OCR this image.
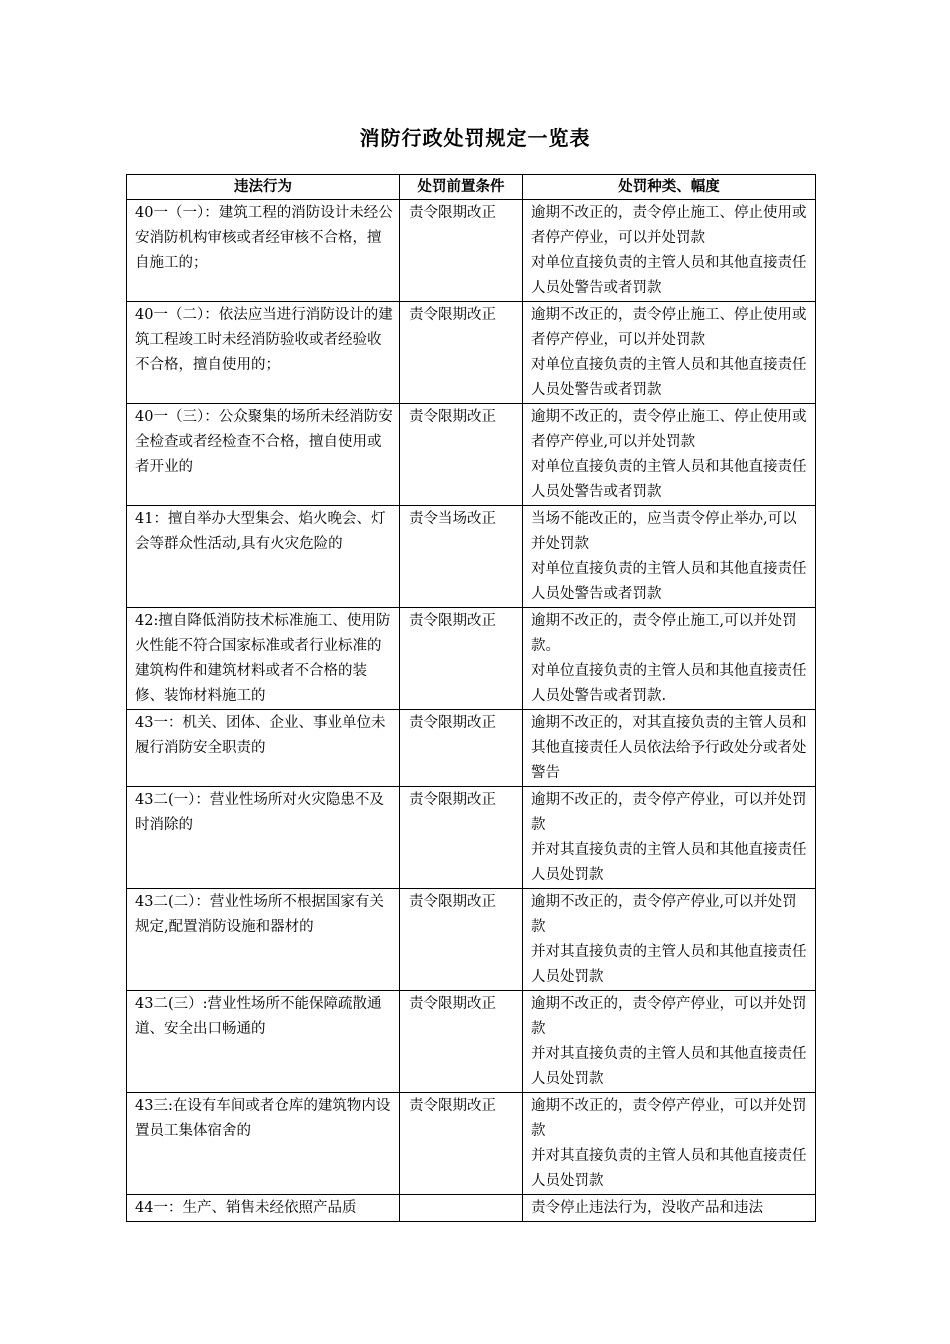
消防行政处罚规定一览表
违法行为	处罚前置条件	处罚种类、幅度
40一（一）：建筑工程的消防设计未经公安消防机构审核或者经审核不合格，擅自施工的；	责令限期改正	逾期不改正的，责令停止施工、停止使用或者停产停业，可以并处罚款
对单位直接负责的主管人员和其他直接责任人员处警告或者罚款

40一（二）：依法应当进行消防设计的建筑工程竣工时未经消防验收或者经验收不合格，擅自使用的；	责令限期改正	逾期不改正的，责令停止施工、停止使用或者停产停业，可以并处罚款
对单位直接负责的主管人员和其他直接责任人员处警告或者罚款

40一（三）：公众聚集的场所未经消防安全检查或者经检查不合格，擅自使用或者开业的	责令限期改正	逾期不改正的，责令停止施工、停止使用或者停产停业,可以并处罚款
对单位直接负责的主管人员和其他直接责任人员处警告或者罚款

41：擅自举办大型集会、焰火晚会、灯会等群众性活动,具有火灾危险的	责令当场改正	当场不能改正的，应当责令停止举办,可以并处罚款
对单位直接负责的主管人员和其他直接责任人员处警告或者罚款

42:擅自降低消防技术标准施工、使用防火性能不符合国家标准或者行业标准的建筑构件和建筑材料或者不合格的装修、装饰材料施工的	责令限期改正	逾期不改正的，责令停止施工,可以并处罚款。
对单位直接负责的主管人员和其他直接责任人员处警告或者罚款.

43一：机关、团体、企业、事业单位未履行消防安全职责的	责令限期改正	逾期不改正的，对其直接负责的主管人员和其他直接责任人员依法给予行政处分或者处警告

43二(一）：营业性场所对火灾隐患不及时消除的	责令限期改正	逾期不改正的，责令停产停业，可以并处罚款
并对其直接负责的主管人员和其他直接责任人员处罚款

43二(二）：营业性场所不根据国家有关规定,配置消防设施和器材的	责令限期改正	逾期不改正的，责令停产停业,可以并处罚款
并对其直接负责的主管人员和其他直接责任人员处罚款

43二(三）:营业性场所不能保障疏散通道、安全出口畅通的	责令限期改正	逾期不改正的，责令停产停业，可以并处罚款
并对其直接负责的主管人员和其他直接责任人员处罚款

43三:在设有车间或者仓库的建筑物内设置员工集体宿舍的	责令限期改正	逾期不改正的，责令停产停业，可以并处罚款
并对其直接负责的主管人员和其他直接责任人员处罚款

44一：生产、销售未经依照产品质		责令停止违法行为，没收产品和违法
